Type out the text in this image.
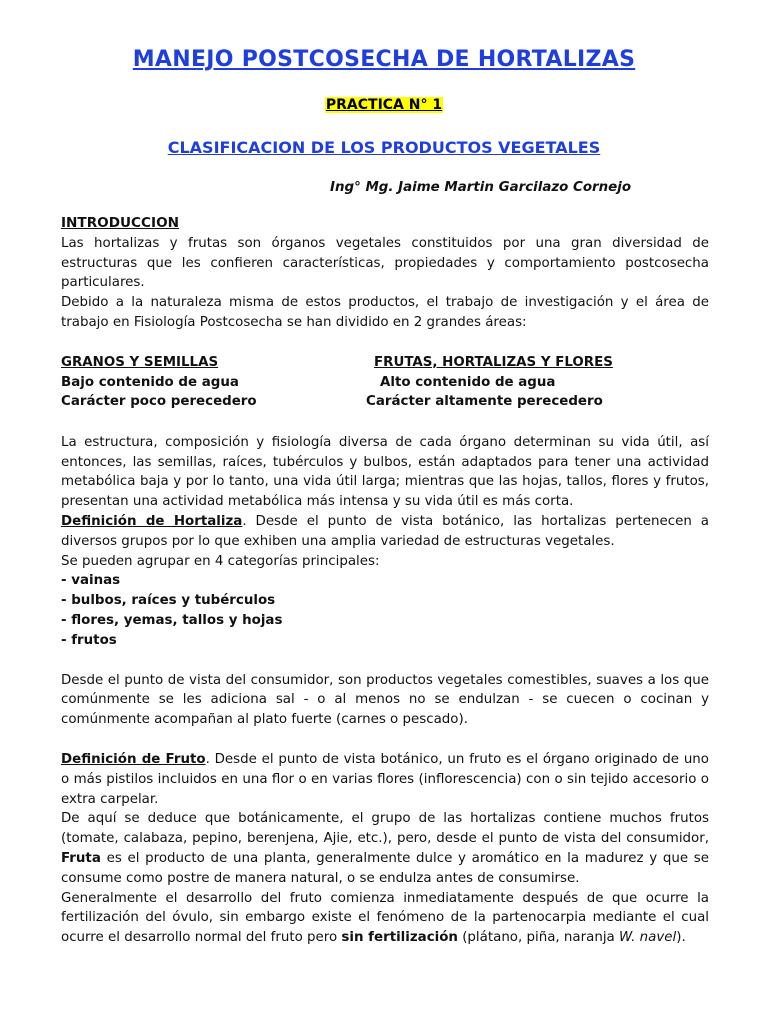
MANEJO POSTCOSECHA DE HORTALIZAS
PRACTICA N° 1
CLASIFICACION DE LOS PRODUCTOS VEGETALES
Ing° Mg. Jaime Martin Garcilazo Cornejo

INTRODUCCION

Las hortalizas y frutas son órganos vegetales constituidos por una gran diversidad de estructuras que les confieren características, propiedades y comportamiento postcosecha particulares.

Debido a la naturaleza misma de estos productos, el trabajo de investigación y el área de trabajo en Fisiología Postcosecha se han dividido en 2 grandes áreas:

GRANOS Y SEMILLAS
Bajo contenido de agua
Carácter poco perecedero
FRUTAS, HORTALIZAS Y FLORES
Alto contenido de agua
Carácter altamente perecedero

La estructura, composición y fisiología diversa de cada órgano determinan su vida útil, así entonces, las semillas, raíces, tubérculos y bulbos, están adaptados para tener una actividad metabólica baja y por lo tanto, una vida útil larga; mientras que las hojas, tallos, flores y frutos, presentan una actividad metabólica más intensa y su vida útil es más corta.

Definición de Hortaliza. Desde el punto de vista botánico, las hortalizas pertenecen a diversos grupos por lo que exhiben una amplia variedad de estructuras vegetales.

Se pueden agrupar en 4 categorías principales:

- vainas
- bulbos, raíces y tubérculos
- flores, yemas, tallos y hojas
- frutos

Desde el punto de vista del consumidor, son productos vegetales comestibles, suaves a los que comúnmente se les adiciona sal - o al menos no se endulzan - se cuecen o cocinan y comúnmente acompañan al plato fuerte (carnes o pescado).

Definición de Fruto. Desde el punto de vista botánico, un fruto es el órgano originado de uno o más pistilos incluidos en una flor o en varias flores (inflorescencia) con o sin tejido accesorio o extra carpelar.

De aquí se deduce que botánicamente, el grupo de las hortalizas contiene muchos frutos (tomate, calabaza, pepino, berenjena, Ajie, etc.), pero, desde el punto de vista del consumidor, Fruta es el producto de una planta, generalmente dulce y aromático en la madurez y que se consume como postre de manera natural, o se endulza antes de consumirse.

Generalmente el desarrollo del fruto comienza inmediatamente después de que ocurre la fertilización del óvulo, sin embargo existe el fenómeno de la partenocarpia mediante el cual ocurre el desarrollo normal del fruto pero sin fertilización (plátano, piña, naranja W. navel).
